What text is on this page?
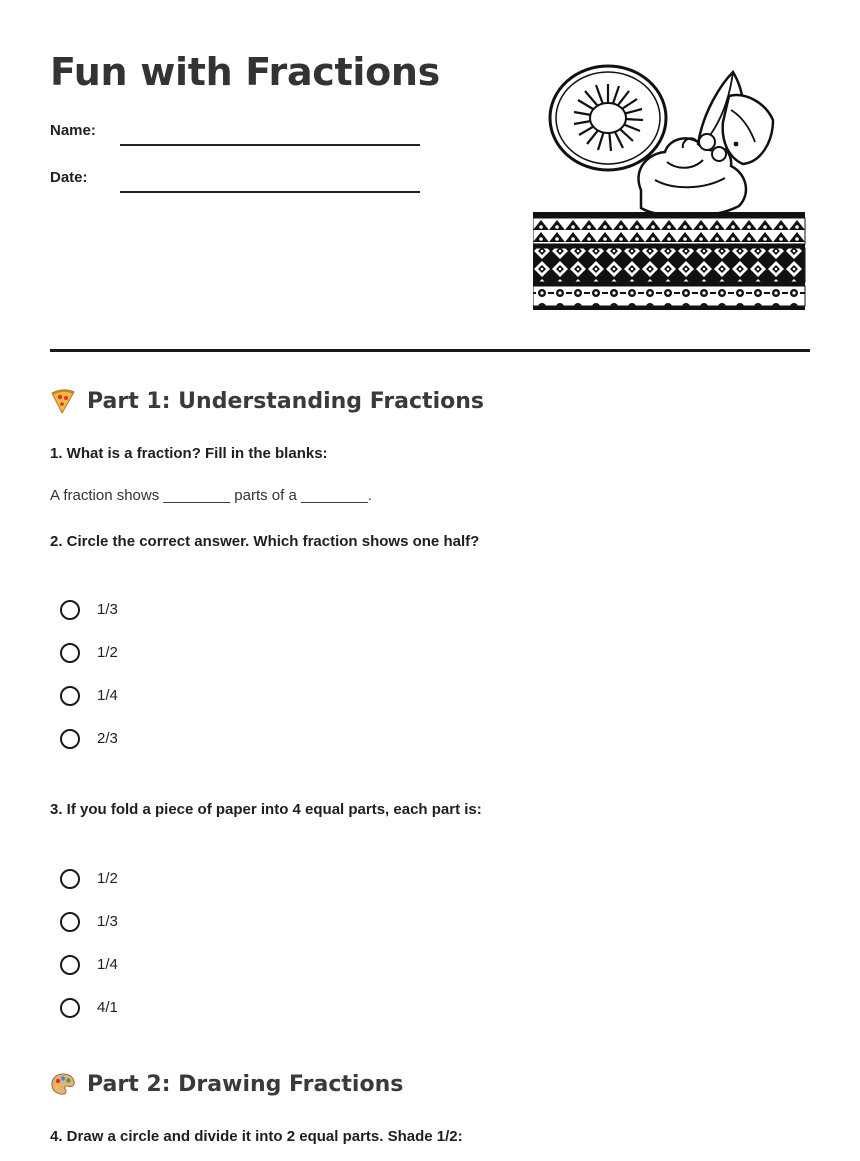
Fun with Fractions
Name:
Date:
Part 1: Understanding Fractions

1. What is a fraction? Fill in the blanks:

A fraction shows ________ parts of a ________.

2. Circle the correct answer. Which fraction shows one half?

1/3
1/2
1/4
2/3

3. If you fold a piece of paper into 4 equal parts, each part is:

1/2
1/3
1/4
4/1
Part 2: Drawing Fractions

4. Draw a circle and divide it into 2 equal parts. Shade 1/2:
